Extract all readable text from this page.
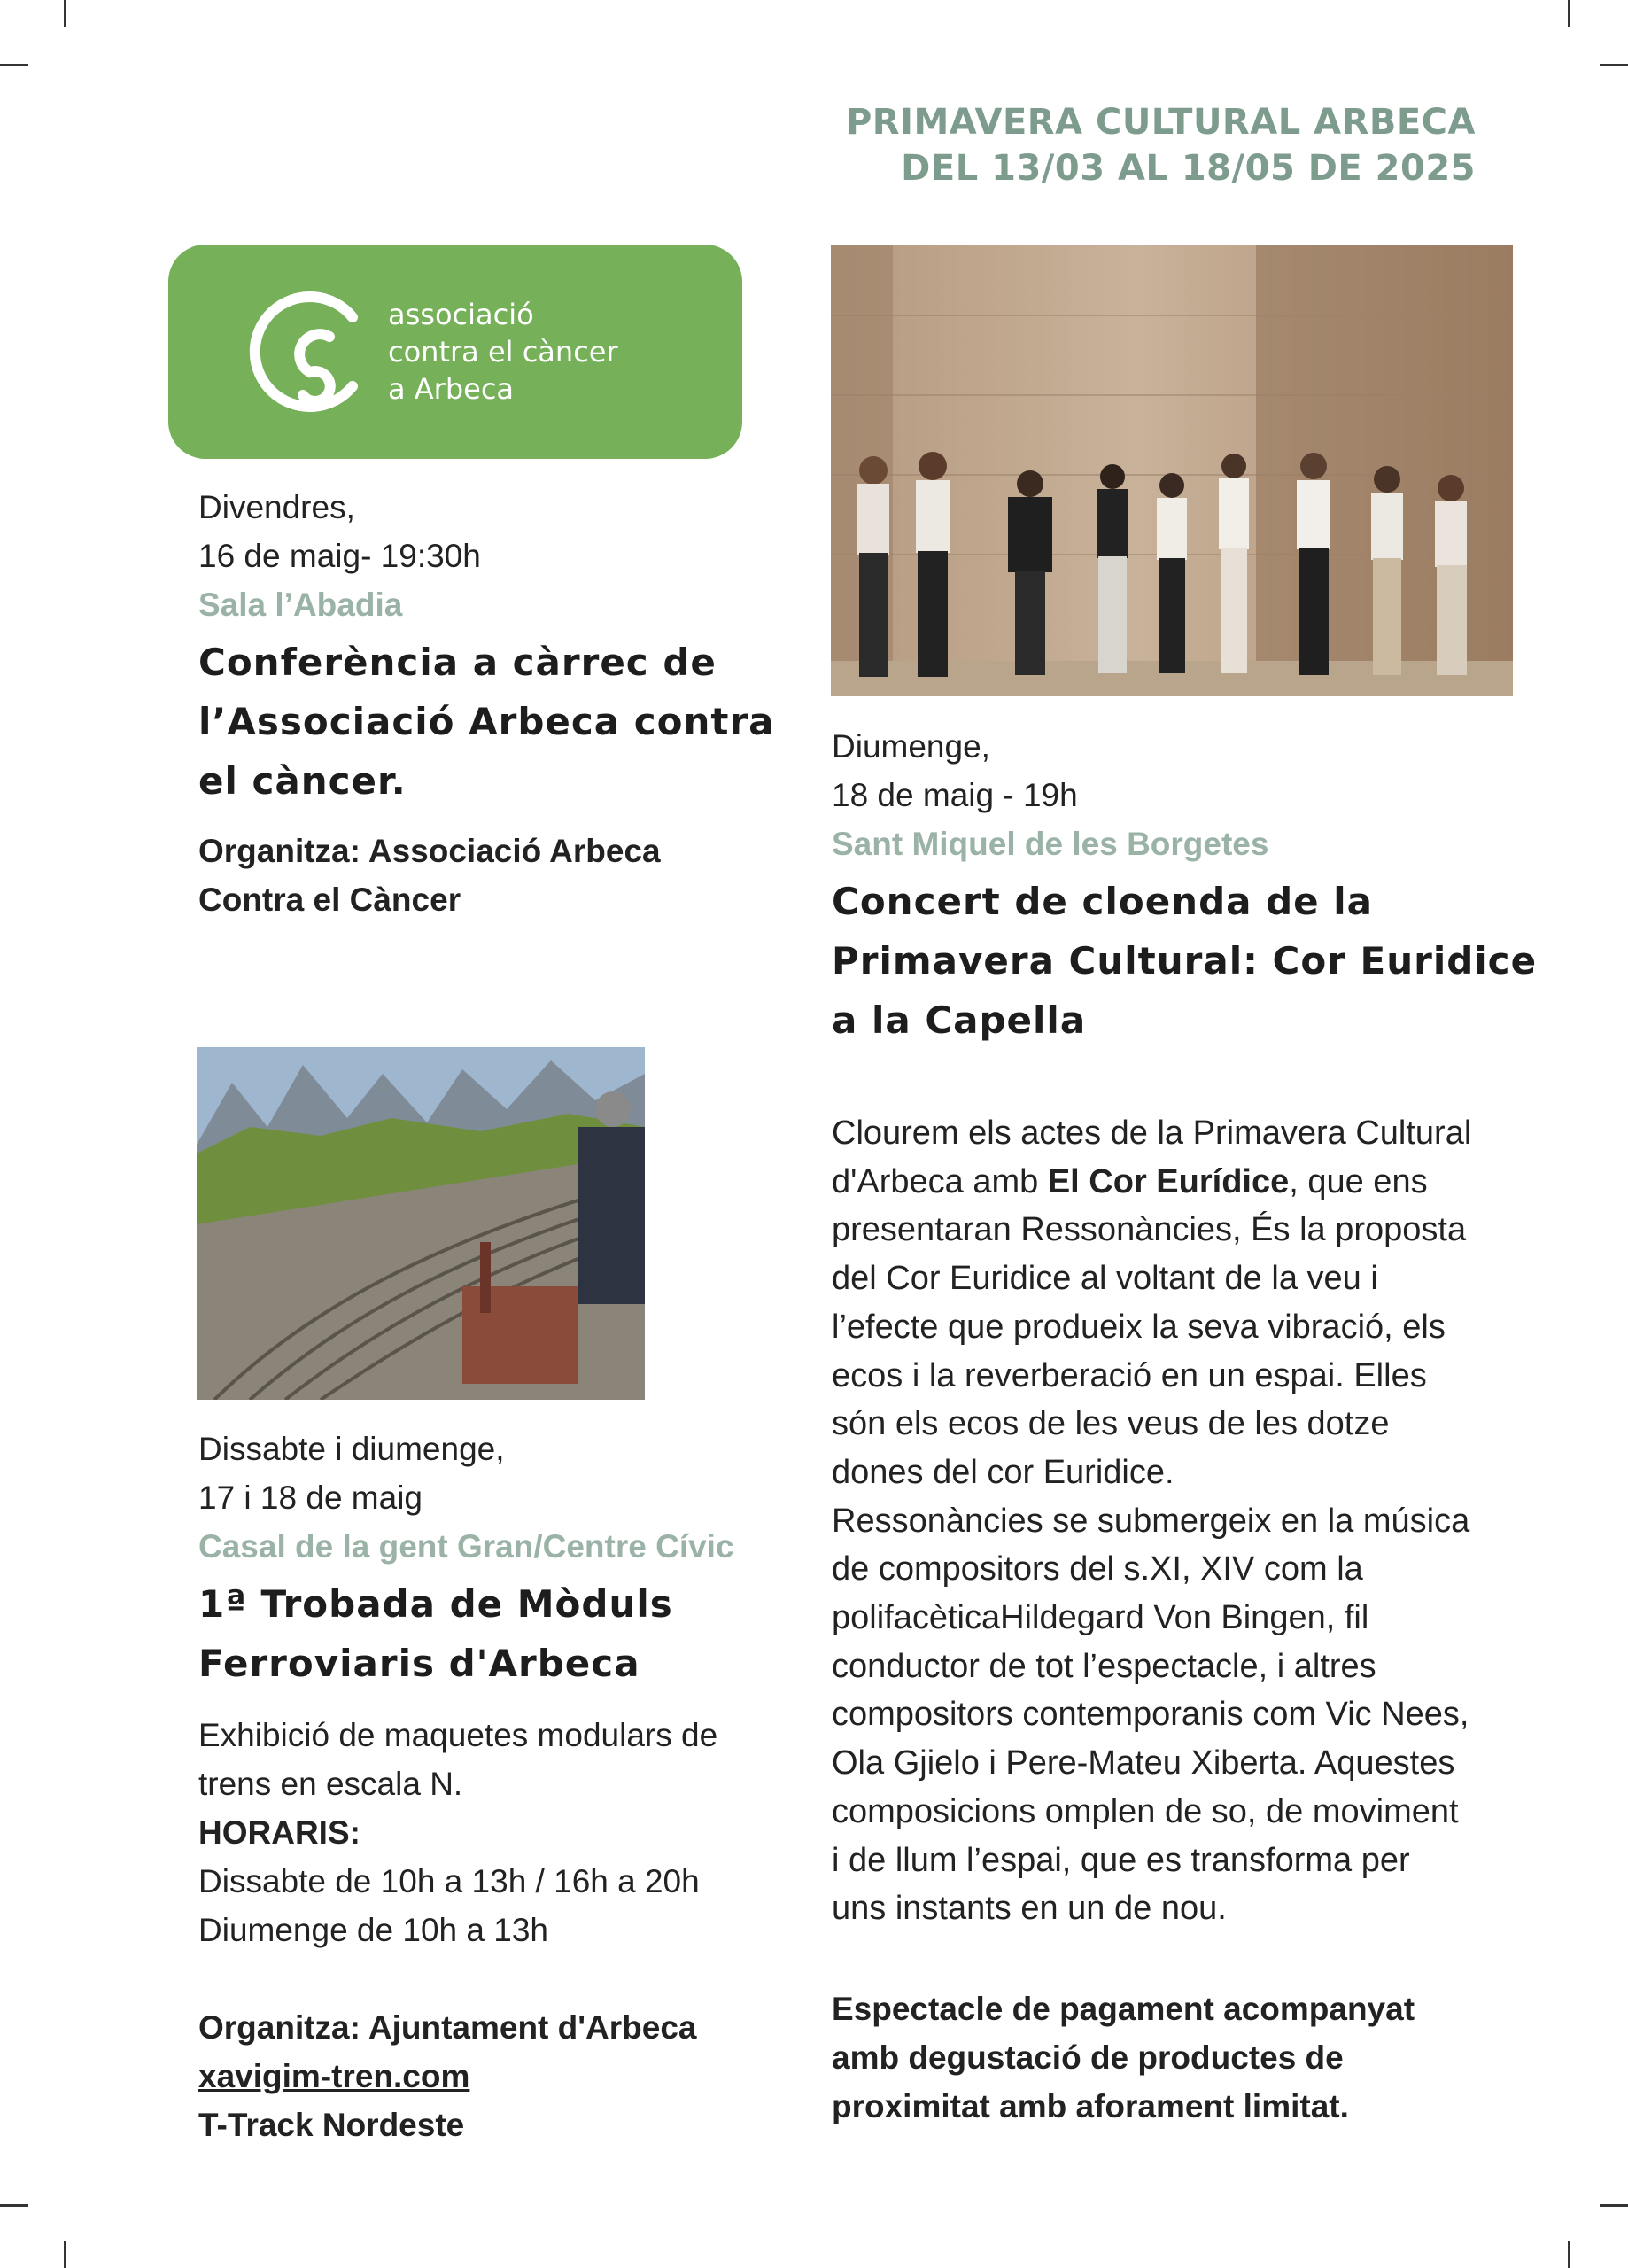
PRIMAVERA CULTURAL ARBECA
DEL 13/03 AL 18/05 DE 2025
associació
contra el càncer
a Arbeca
Divendres,
16 de maig- 19:30h
Sala l’Abadia
Conferència a càrrec de
l’Associació Arbeca contra
el càncer.
Organitza: Associació Arbeca
Contra el Càncer
Diumenge,
18 de maig - 19h
Sant Miquel de les Borgetes
Concert de cloenda de la
Primavera Cultural: Cor Euridice
a la Capella
Clourem els actes de la Primavera Cultural
d'Arbeca amb El Cor Eurídice, que ens
presentaran Ressonàncies, És la proposta
del Cor Euridice al voltant de la veu i
l’efecte que produeix la seva vibració, els
ecos i la reverberació en un espai. Elles
són els ecos de les veus de les dotze
dones del cor Euridice.
Ressonàncies se submergeix en la música
de compositors del s.XI, XIV com la
polifacèticaHildegard Von Bingen, fil
conductor de tot l’espectacle, i altres
compositors contemporanis com Vic Nees,
Ola Gjielo i Pere-Mateu Xiberta. Aquestes
composicions omplen de so, de moviment
i de llum l’espai, que es transforma per
uns instants en un de nou.
Espectacle de pagament acompanyat
amb degustació de productes de
proximitat amb aforament limitat.
Dissabte i diumenge,
17 i 18 de maig
Casal de la gent Gran/Centre Cívic
1ª Trobada de Mòduls
Ferroviaris d'Arbeca
Exhibició de maquetes modulars de
trens en escala N.
HORARIS:
Dissabte de 10h a 13h / 16h a 20h
Diumenge de 10h a 13h
Organitza: Ajuntament d'Arbeca
xavigim-tren.com
T-Track Nordeste
